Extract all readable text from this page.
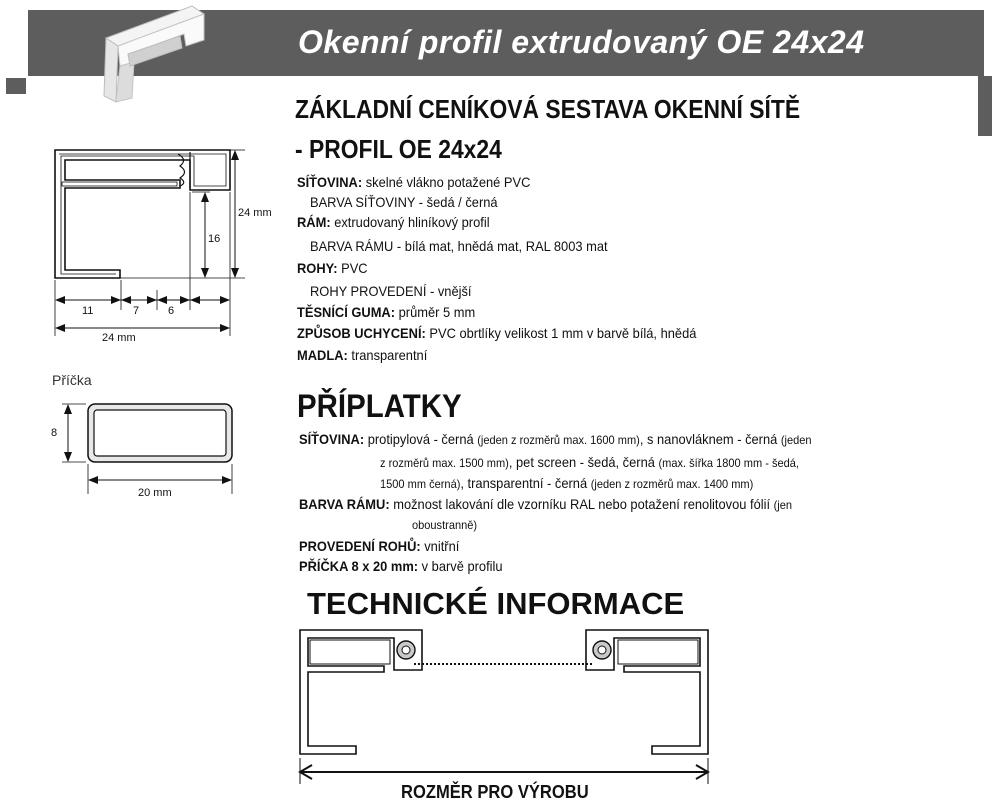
Okenní profil extrudovaný OE 24x24
ZÁKLADNÍ CENÍKOVÁ SESTAVA OKENNÍ SÍTĚ
- PROFIL OE 24x24
SÍŤOVINA: skelné vlákno potažené PVC
BARVA SÍŤOVINY - šedá / černá
RÁM: extrudovaný hliníkový profil
BARVA RÁMU - bílá mat, hnědá mat, RAL 8003 mat
ROHY: PVC
ROHY PROVEDENÍ - vnější
TĚSNÍCÍ GUMA: průměr 5 mm
ZPŮSOB UCHYCENÍ: PVC obrtlíky velikost 1 mm v barvě bílá, hnědá
MADLA: transparentní
PŘÍPLATKY
SÍŤOVINA: protipylová - černá (jeden z rozměrů max. 1600 mm), s nanovláknem - černá (jeden
z rozměrů max. 1500 mm), pet screen - šedá, černá (max. šířka 1800 mm - šedá,
1500 mm černá), transparentní - černá (jeden z rozměrů max. 1400 mm)
BARVA RÁMU: možnost lakování dle vzorníku RAL nebo potažení renolitovou fólií (jen
oboustranně)
PROVEDENÍ ROHŮ: vnitřní
PŘÍČKA 8 x 20 mm: v barvě profilu
24 mm
16
11	7	6
24 mm
Příčka
8
20 mm
TECHNICKÉ INFORMACE
ROZMĚR PRO VÝROBU
